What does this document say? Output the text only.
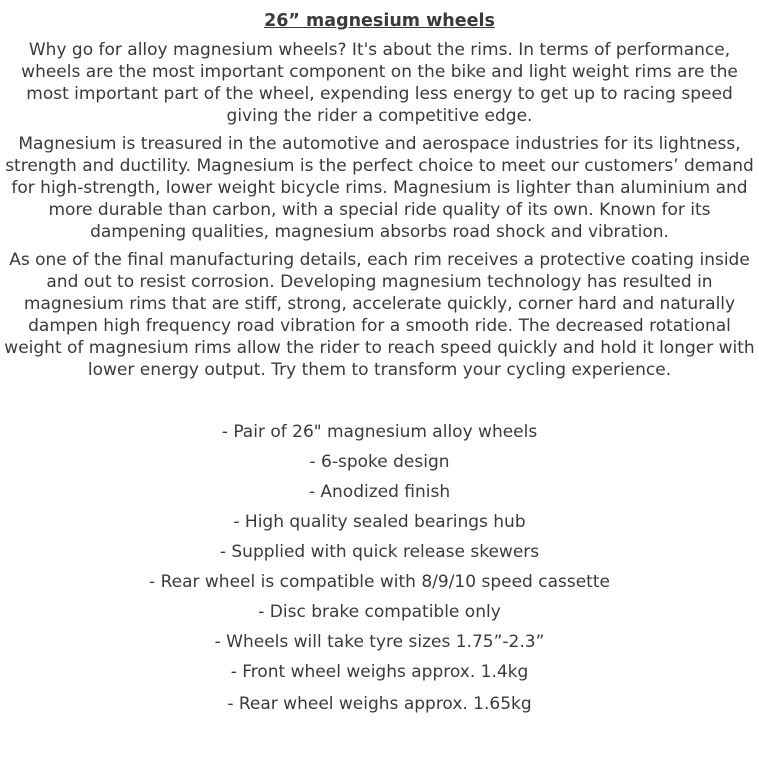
26” magnesium wheels

Why go for alloy magnesium wheels? It's about the rims. In terms of performance, wheels are the most important component on the bike and light weight rims are the most important part of the wheel, expending less energy to get up to racing speed giving the rider a competitive edge.

Magnesium is treasured in the automotive and aerospace industries for its lightness, strength and ductility. Magnesium is the perfect choice to meet our customers’ demand for high-strength, lower weight bicycle rims. Magnesium is lighter than aluminium and more durable than carbon, with a special ride quality of its own. Known for its dampening qualities, magnesium absorbs road shock and vibration.

As one of the final manufacturing details, each rim receives a protective coating inside and out to resist corrosion. Developing magnesium technology has resulted in magnesium rims that are stiff, strong, accelerate quickly, corner hard and naturally dampen high frequency road vibration for a smooth ride. The decreased rotational weight of magnesium rims allow the rider to reach speed quickly and hold it longer with lower energy output. Try them to transform your cycling experience.

- Pair of 26" magnesium alloy wheels
- 6-spoke design
- Anodized finish
- High quality sealed bearings hub
- Supplied with quick release skewers
- Rear wheel is compatible with 8/9/10 speed cassette
- Disc brake compatible only
- Wheels will take tyre sizes 1.75”-2.3”
- Front wheel weighs approx. 1.4kg
- Rear wheel weighs approx. 1.65kg
